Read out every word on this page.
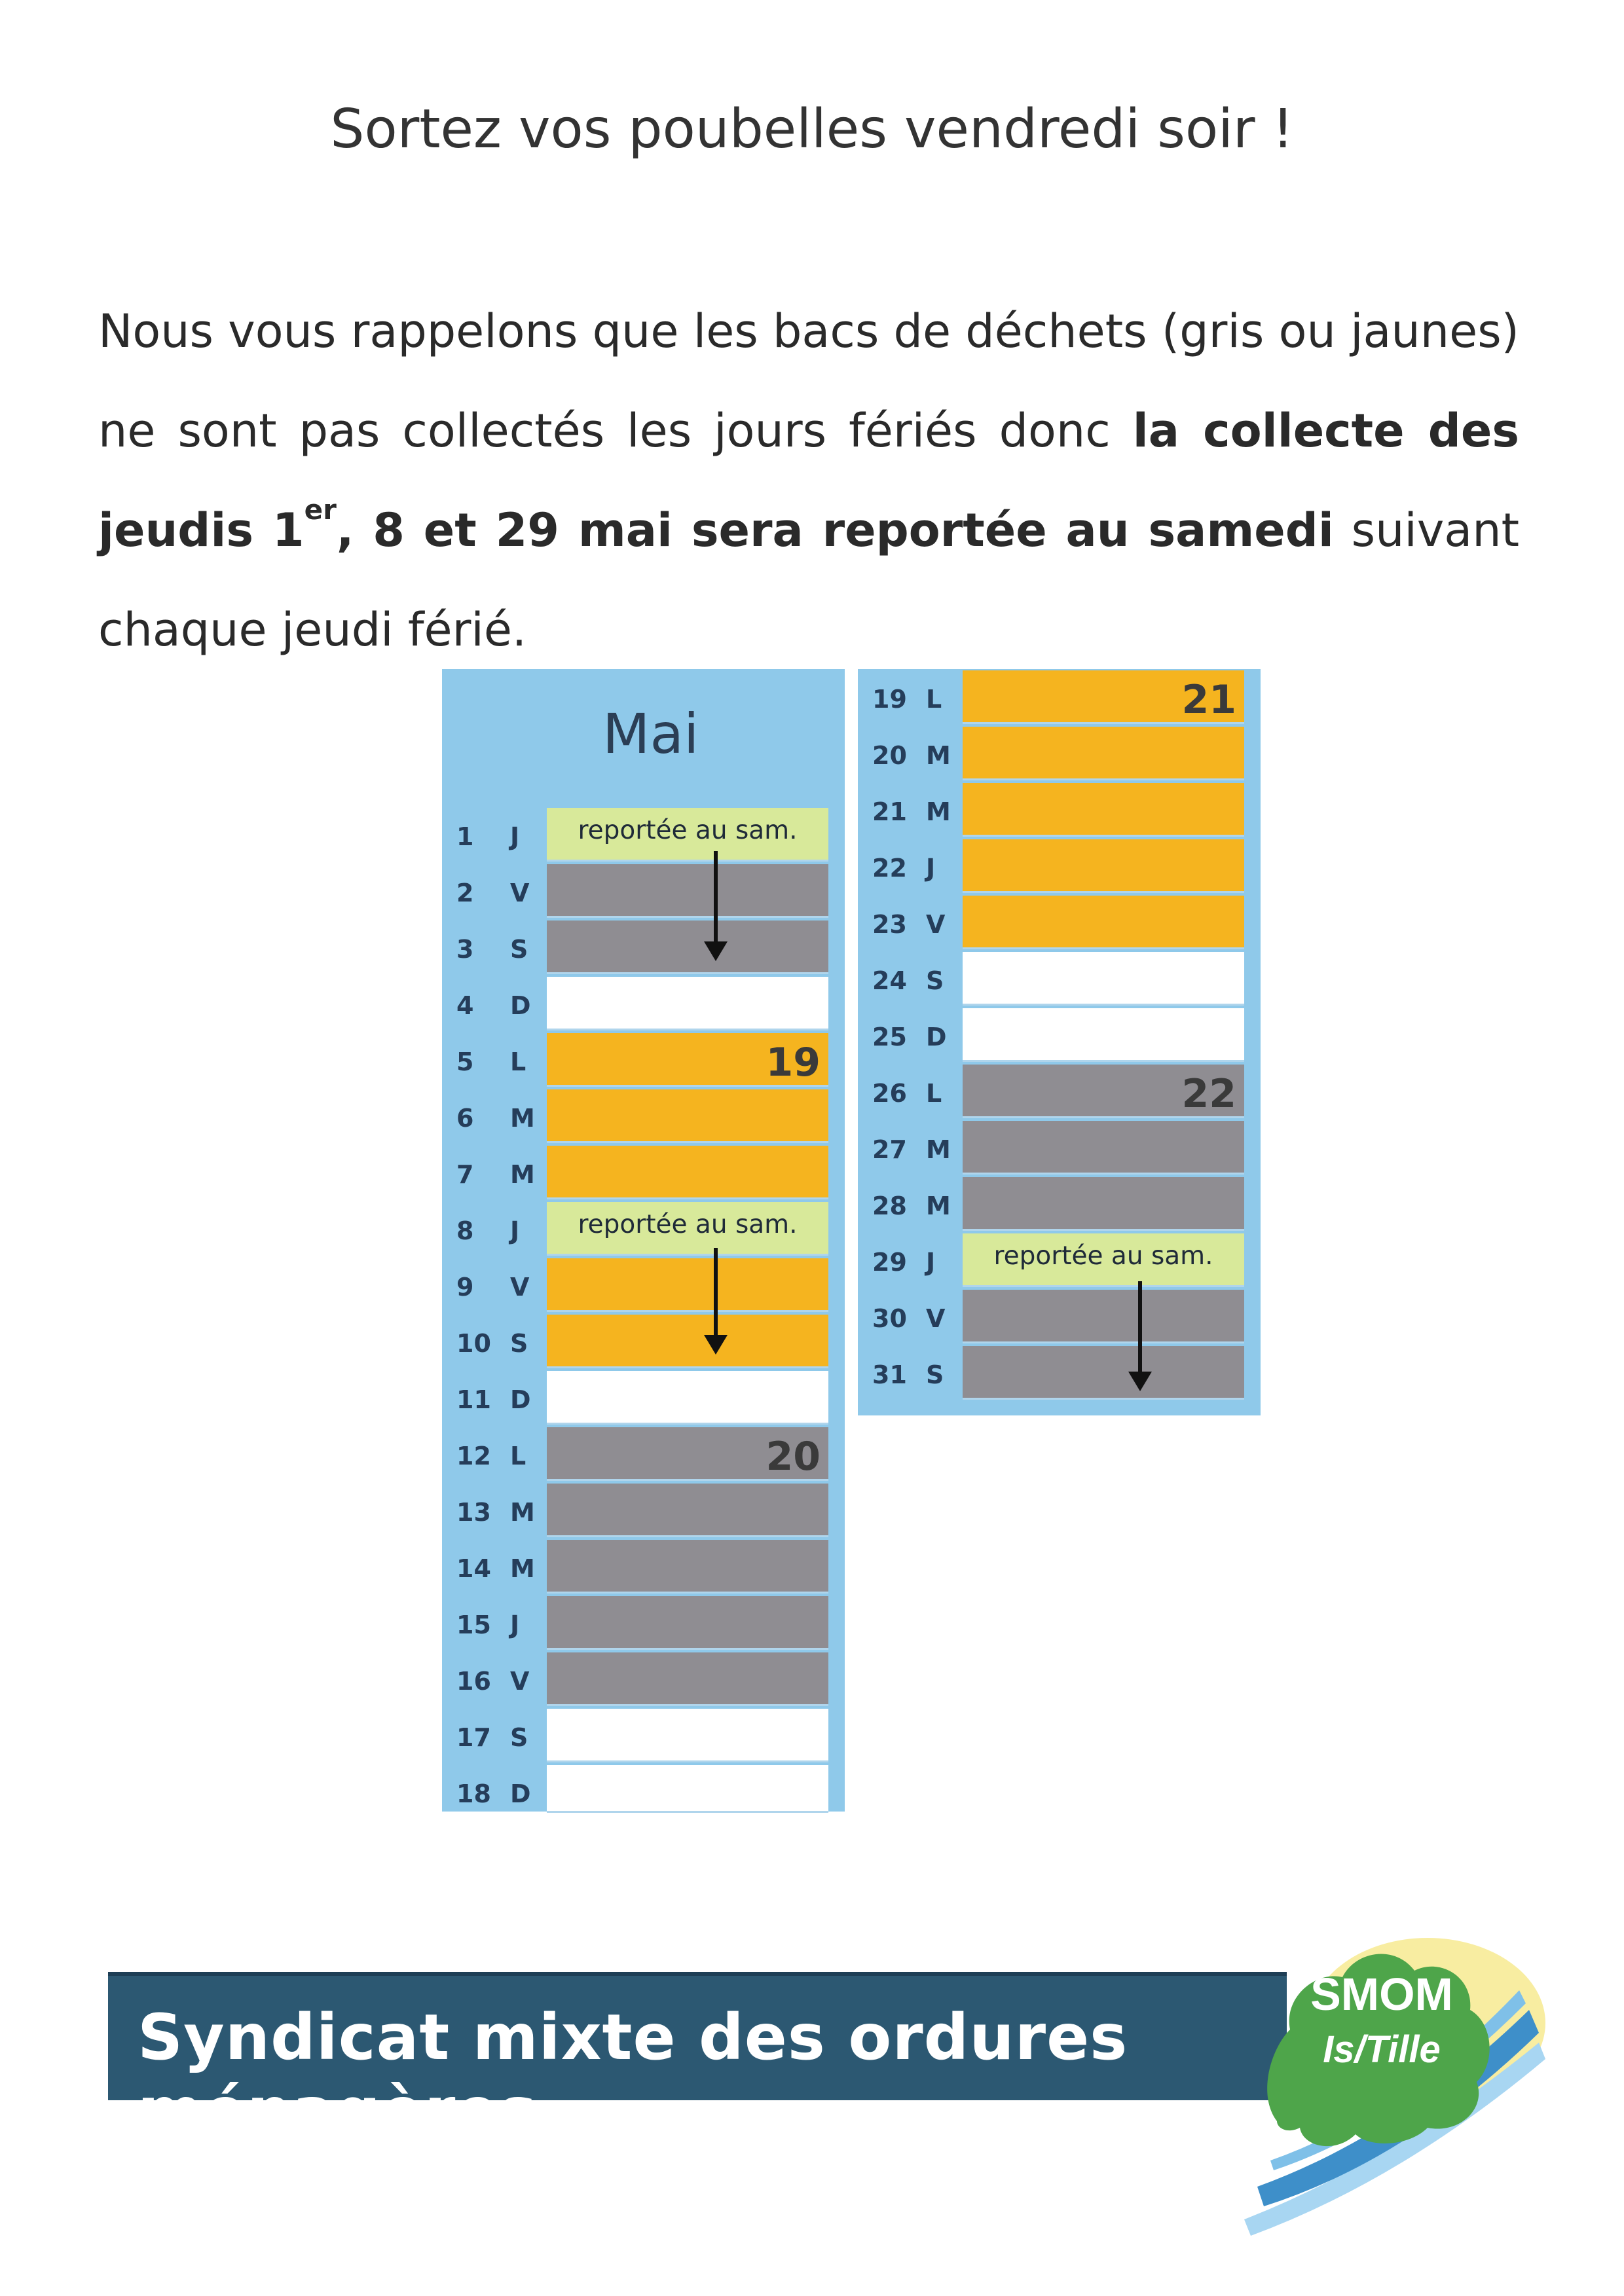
Sortez vos poubelles vendredi soir !
Nous vous rappelons que les bacs de déchets (gris ou jaunes) ne sont pas collectés les jours fériés donc la collecte des jeudis 1er, 8 et 29 mai sera reportée au samedi suivant chaque jeudi férié.
Mai
1 J	reportée au sam.
2 V
3 S
4 D
5 L	19
6 M
7 M
8 J	reportée au sam.
9 V
10 S
11 D
12 L	20
13 M
14 M
15 J
16 V
17 S
18 D
19 L	21
20 M
21 M
22 J
23 V
24 S
25 D
26 L	22
27 M
28 M
29 J	reportée au sam.
30 V
31 S
Syndicat mixte des ordures ménagères
SMOM
Is/Tille
